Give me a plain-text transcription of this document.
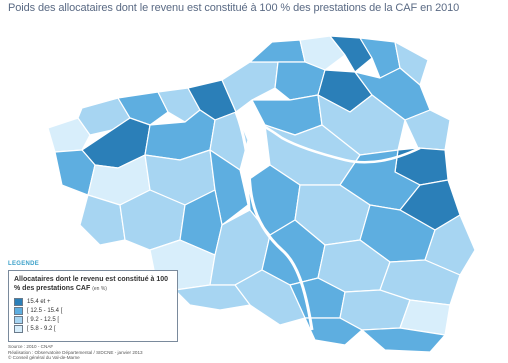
Poids des allocataires dont le revenu est constitué à 100 % des prestations de la CAF en 2010
LEGENDE
Allocataires dont le revenu est constitué à 100 % des prestations CAF (en %)
15.4 et +
[ 12.5 - 15.4 [
[ 9.2 - 12.5 [
[ 5.8 - 9.2 [
Source : 2010 - CNAF
Réalisation : Observatoire Départemental / SIDCNE - janvier 2013
© Conseil général du Val-de-Marne
